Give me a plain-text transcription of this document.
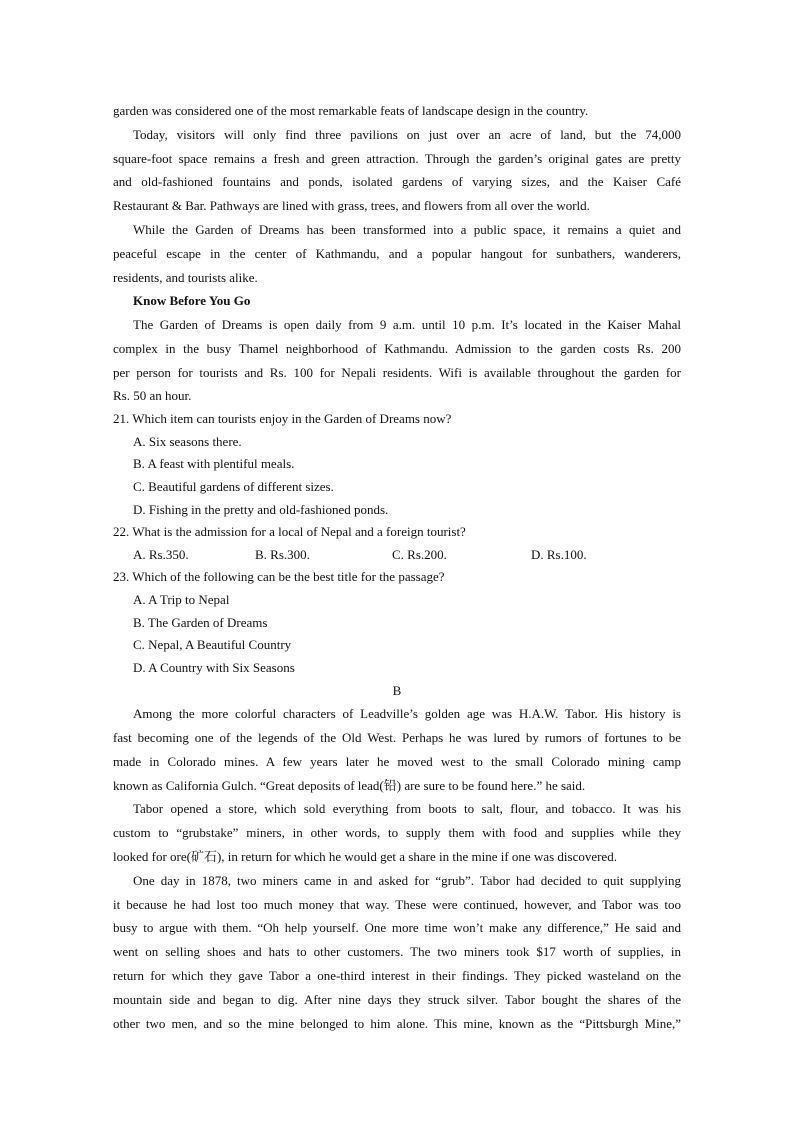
garden was considered one of the most remarkable feats of landscape design in the country.
Today, visitors will only find three pavilions on just over an acre of land, but the 74,000
square-foot space remains a fresh and green attraction. Through the garden’s original gates are pretty
and old-fashioned fountains and ponds, isolated gardens of varying sizes, and the Kaiser Café
Restaurant & Bar. Pathways are lined with grass, trees, and flowers from all over the world.
While the Garden of Dreams has been transformed into a public space, it remains a quiet and
peaceful escape in the center of Kathmandu, and a popular hangout for sunbathers, wanderers,
residents, and tourists alike.
Know Before You Go
The Garden of Dreams is open daily from 9 a.m. until 10 p.m. It’s located in the Kaiser Mahal
complex in the busy Thamel neighborhood of Kathmandu. Admission to the garden costs Rs. 200
per person for tourists and Rs. 100 for Nepali residents. Wifi is available throughout the garden for
Rs. 50 an hour.
21. Which item can tourists enjoy in the Garden of Dreams now?
A. Six seasons there.
B. A feast with plentiful meals.
C. Beautiful gardens of different sizes.
D. Fishing in the pretty and old-fashioned ponds.
22. What is the admission for a local of Nepal and a foreign tourist?
A. Rs.350.	B. Rs.300.	C. Rs.200.	D. Rs.100.
23. Which of the following can be the best title for the passage?
A. A Trip to Nepal
B. The Garden of Dreams
C. Nepal, A Beautiful Country
D. A Country with Six Seasons
B
Among the more colorful characters of Leadville’s golden age was H.A.W. Tabor. His history is
fast becoming one of the legends of the Old West. Perhaps he was lured by rumors of fortunes to be
made in Colorado mines. A few years later he moved west to the small Colorado mining camp
known as California Gulch. “Great deposits of lead(铅) are sure to be found here.” he said.
Tabor opened a store, which sold everything from boots to salt, flour, and tobacco. It was his
custom to “grubstake” miners, in other words, to supply them with food and supplies while they
looked for ore(矿石), in return for which he would get a share in the mine if one was discovered.
One day in 1878, two miners came in and asked for “grub”. Tabor had decided to quit supplying
it because he had lost too much money that way. These were continued, however, and Tabor was too
busy to argue with them. “Oh help yourself. One more time won’t make any difference,” He said and
went on selling shoes and hats to other customers. The two miners took $17 worth of supplies, in
return for which they gave Tabor a one-third interest in their findings. They picked wasteland on the
mountain side and began to dig. After nine days they struck silver. Tabor bought the shares of the
other two men, and so the mine belonged to him alone. This mine, known as the “Pittsburgh Mine,”
